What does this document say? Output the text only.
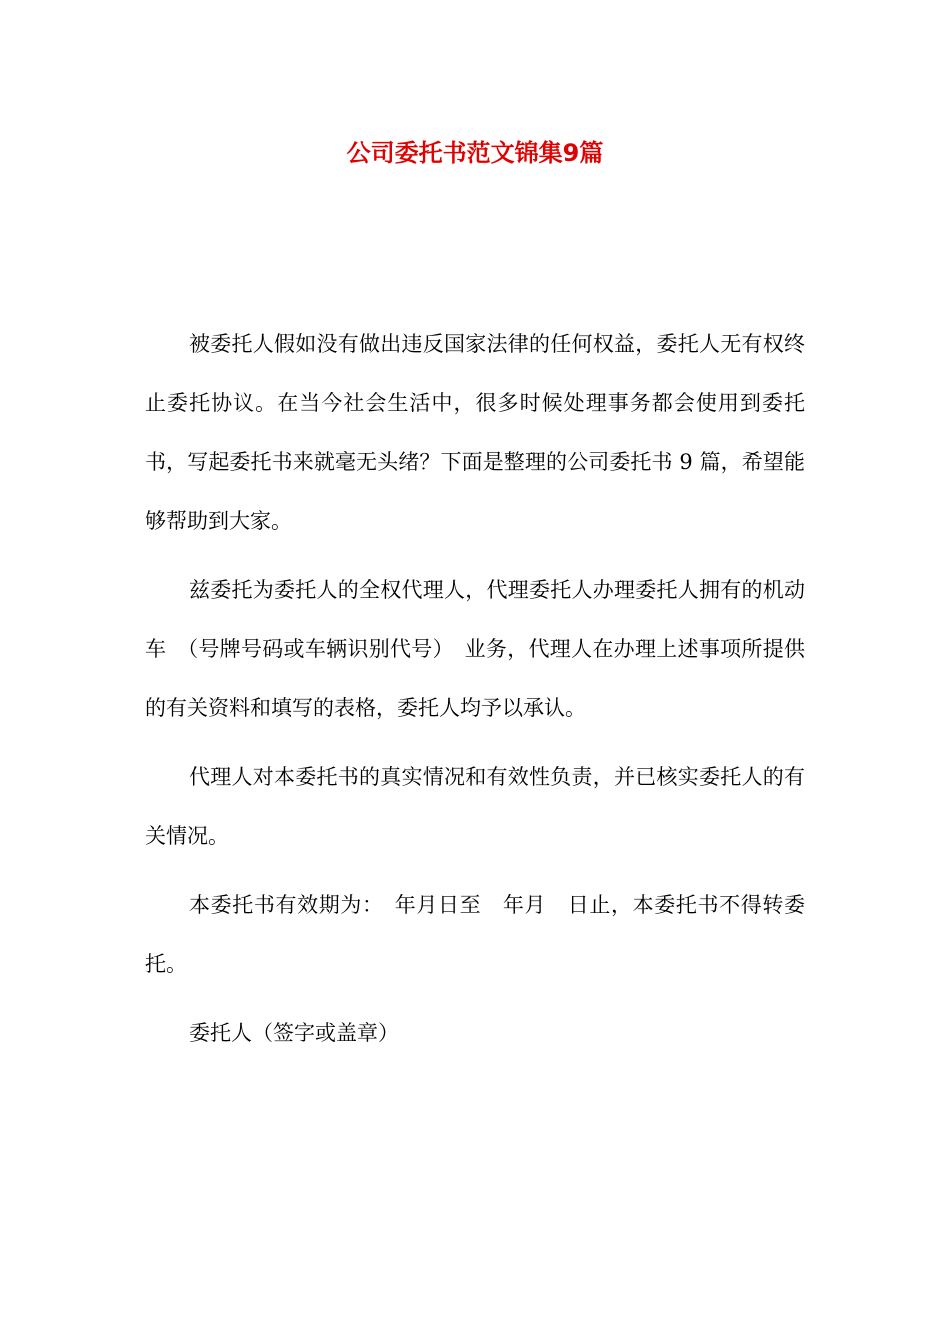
公司委托书范文锦集9篇

被委托人假如没有做出违反国家法律的任何权益，委托人无有权终止委托协议。在当今社会生活中，很多时候处理事务都会使用到委托书，写起委托书来就毫无头绪？下面是整理的公司委托书 9 篇，希望能够帮助到大家。

兹委托为委托人的全权代理人，代理委托人办理委托人拥有的机动车　（号牌号码或车辆识别代号）　业务，代理人在办理上述事项所提供的有关资料和填写的表格，委托人均予以承认。

代理人对本委托书的真实情况和有效性负责，并已核实委托人的有关情况。

本委托书有效期为：　年月日至　年月　日止，本委托书不得转委托。

委托人（签字或盖章）
